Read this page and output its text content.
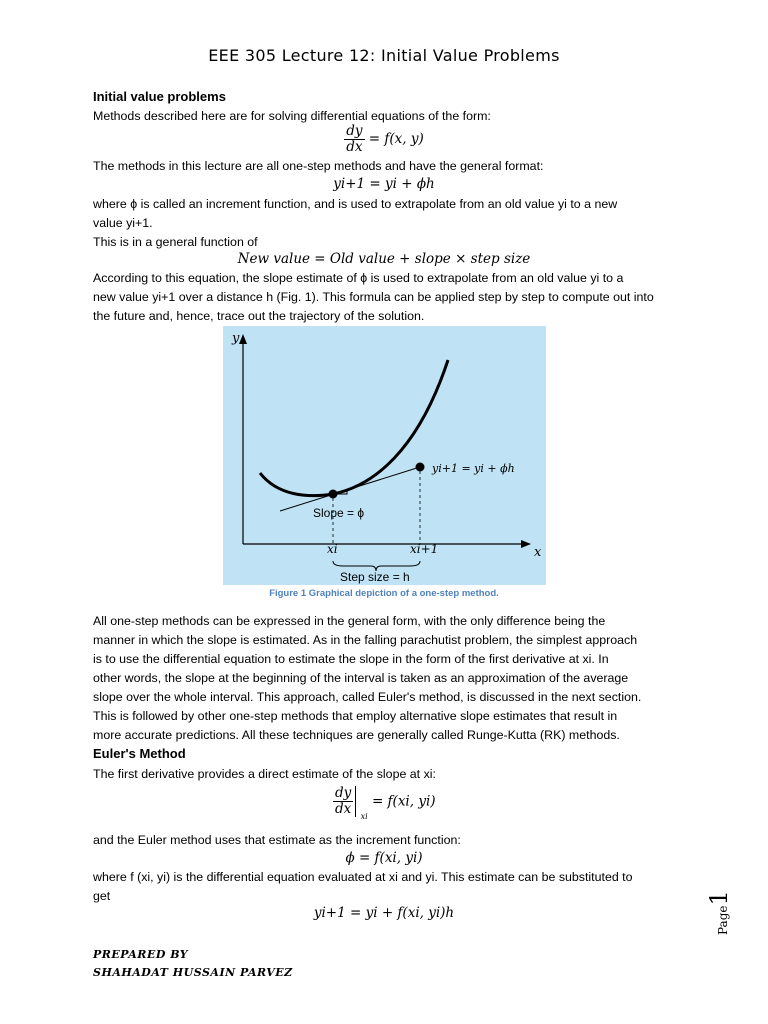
EEE 305 Lecture 12: Initial Value Problems
Initial value problems
Methods described here are for solving differential equations of the form:
$\frac{dy}{dx} = f(x$, y)
The methods in this lecture are all one-step methods and have the general format:
yi+1 = yi + ϕh
where ϕ is called an increment function, and is used to extrapolate from an old value yi to a new
value yi+1.
This is in a general function of
New value = Old value + slope × step size
According to this equation, the slope estimate of ϕ is used to extrapolate from an old value yi to a
new value yi+1 over a distance h (Fig. 1). This formula can be applied step by step to compute out into
the future and, hence, trace out the trajectory of the solution.
y
x
xi	xi+1
Slope = ϕ
yi+1 = yi + ϕh
Step size = h
Figure 1 Graphical depiction of a one-step method.
All one-step methods can be expressed in the general form, with the only difference being the
manner in which the slope is estimated. As in the falling parachutist problem, the simplest approach
is to use the differential equation to estimate the slope in the form of the first derivative at xi. In
other words, the slope at the beginning of the interval is taken as an approximation of the average
slope over the whole interval. This approach, called Euler's method, is discussed in the next section.
This is followed by other one-step methods that employ alternative slope estimates that result in
more accurate predictions. All these techniques are generally called Runge-Kutta (RK) methods.
Euler's Method
The first derivative provides a direct estimate of the slope at xi:
$\frac{dy}{dx} _{xi} = f(xi$, yi)
and the Euler method uses that estimate as the increment function:
ϕ = f(xi, yi)
where f (xi, yi) is the differential equation evaluated at xi and yi. This estimate can be substituted to
get
yi+1 = yi + f(xi, yi)h
PREPARED BY
SHAHADAT HUSSAIN PARVEZ
Page1
